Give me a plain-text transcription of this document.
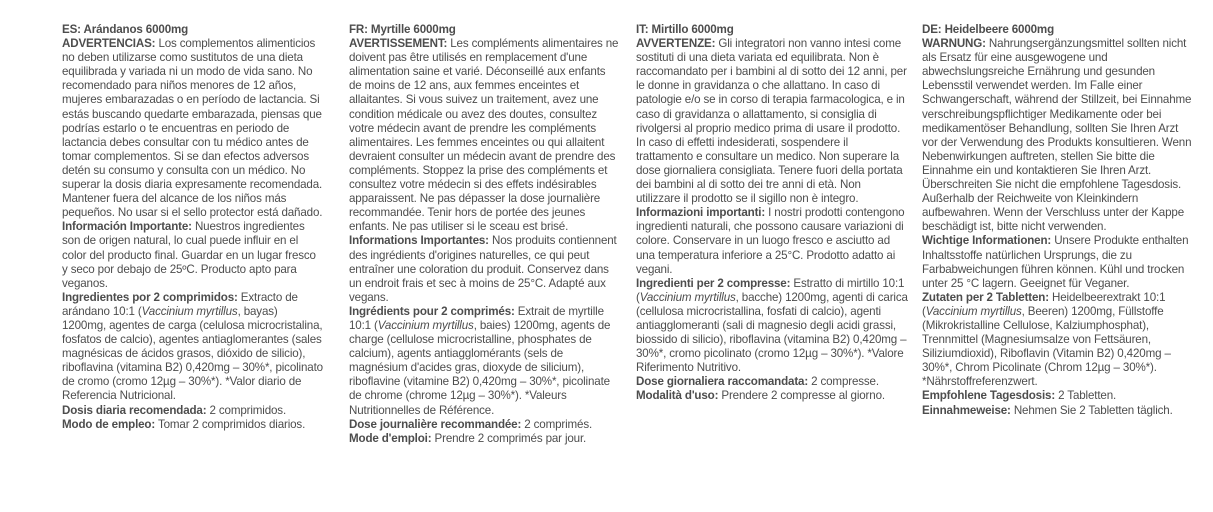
ES: Arándanos 6000mg

ADVERTENCIAS: Los complementos alimenticios no deben utilizarse como sustitutos de una dieta equilibrada y variada ni un modo de vida sano. No recomendado para niños menores de 12 años, mujeres embarazadas o en período de lactancia. Si estás buscando quedarte embarazada, piensas que podrías estarlo o te encuentras en periodo de lactancia debes consultar con tu médico antes de tomar complementos. Si se dan efectos adversos detén su consumo y consulta con un médico. No superar la dosis diaria expresamente recomendada. Mantener fuera del alcance de los niños más pequeños. No usar si el sello protector está dañado.

Información Importante: Nuestros ingredientes son de origen natural, lo cual puede influir en el color del producto final. Guardar en un lugar fresco y seco por debajo de 25ºC. Producto apto para veganos.

Ingredientes por 2 comprimidos: Extracto de arándano 10:1 (Vaccinium myrtillus, bayas) 1200mg, agentes de carga (celulosa microcristalina, fosfatos de calcio), agentes antiaglomerantes (sales magnésicas de ácidos grasos, dióxido de silicio), riboflavina (vitamina B2) 0,420mg – 30%*, picolinato de cromo (cromo 12µg – 30%*). *Valor diario de Referencia Nutricional.

Dosis diaria recomendada: 2 comprimidos.

Modo de empleo: Tomar 2 comprimidos diarios.

FR: Myrtille 6000mg

AVERTISSEMENT: Les compléments alimentaires ne doivent pas être utilisés en remplacement d'une alimentation saine et varié. Déconseillé aux enfants de moins de 12 ans, aux femmes enceintes et allaitantes. Si vous suivez un traitement, avez une condition médicale ou avez des doutes, consultez votre médecin avant de prendre les compléments alimentaires. Les femmes enceintes ou qui allaitent devraient consulter un médecin avant de prendre des compléments. Stoppez la prise des compléments et consultez votre médecin si des effets indésirables apparaissent. Ne pas dépasser la dose journalière recommandée. Tenir hors de portée des jeunes enfants. Ne pas utiliser si le sceau est brisé.

Informations Importantes: Nos produits contiennent des ingrédients d'origines naturelles, ce qui peut entraîner une coloration du produit. Conservez dans un endroit frais et sec à moins de 25°C. Adapté aux vegans.

Ingrédients pour 2 comprimés: Extrait de myrtille 10:1 (Vaccinium myrtillus, baies) 1200mg, agents de charge (cellulose microcristalline, phosphates de calcium), agents antiagglomérants (sels de magnésium d'acides gras, dioxyde de silicium), riboflavine (vitamine B2) 0,420mg – 30%*, picolinate de chrome (chrome 12µg – 30%*). *Valeurs Nutritionnelles de Référence.

Dose journalière recommandée: 2 comprimés.

Mode d'emploi: Prendre 2 comprimés par jour.

IT: Mirtillo 6000mg

AVVERTENZE: Gli integratori non vanno intesi come sostituti di una dieta variata ed equilibrata. Non è raccomandato per i bambini al di sotto dei 12 anni, per le donne in gravidanza o che allattano. In caso di patologie e/o se in corso di terapia farmacologica, e in caso di gravidanza o allattamento, si consiglia di rivolgersi al proprio medico prima di usare il prodotto. In caso di effetti indesiderati, sospendere il trattamento e consultare un medico. Non superare la dose giornaliera consigliata. Tenere fuori della portata dei bambini al di sotto dei tre anni di età. Non utilizzare il prodotto se il sigillo non è integro.

Informazioni importanti: I nostri prodotti contengono ingredienti naturali, che possono causare variazioni di colore. Conservare in un luogo fresco e asciutto ad una temperatura inferiore a 25°C. Prodotto adatto ai vegani.

Ingredienti per 2 compresse: Estratto di mirtillo 10:1 (Vaccinium myrtillus, bacche) 1200mg, agenti di carica (cellulosa microcristallina, fosfati di calcio), agenti antiagglomeranti (sali di magnesio degli acidi grassi, biossido di silicio), riboflavina (vitamina B2) 0,420mg – 30%*, cromo picolinato (cromo 12µg – 30%*). *Valore Riferimento Nutritivo.

Dose giornaliera raccomandata: 2 compresse.

Modalità d'uso: Prendere 2 compresse al giorno.

DE: Heidelbeere 6000mg

WARNUNG: Nahrungsergänzungsmittel sollten nicht als Ersatz für eine ausgewogene und abwechslungsreiche Ernährung und gesunden Lebensstil verwendet werden. Im Falle einer Schwangerschaft, während der Stillzeit, bei Einnahme verschreibungspflichtiger Medikamente oder bei medikamentöser Behandlung, sollten Sie Ihren Arzt vor der Verwendung des Produkts konsultieren. Wenn Nebenwirkungen auftreten, stellen Sie bitte die Einnahme ein und kontaktieren Sie Ihren Arzt. Überschreiten Sie nicht die empfohlene Tagesdosis. Außerhalb der Reichweite von Kleinkindern aufbewahren. Wenn der Verschluss unter der Kappe beschädigt ist, bitte nicht verwenden.

Wichtige Informationen: Unsere Produkte enthalten Inhaltsstoffe natürlichen Ursprungs, die zu Farbabweichungen führen können. Kühl und trocken unter 25 °C lagern. Geeignet für Veganer.

Zutaten per 2 Tabletten: Heidelbeerextrakt 10:1 (Vaccinium myrtillus, Beeren) 1200mg, Füllstoffe (Mikrokristalline Cellulose, Kalziumphosphat), Trennmittel (Magnesiumsalze von Fettsäuren, Siliziumdioxid), Riboflavin (Vitamin B2) 0,420mg – 30%*, Chrom Picolinate (Chrom 12µg – 30%*). *Nährstoffreferenzwert.

Empfohlene Tagesdosis: 2 Tabletten.

Einnahmeweise: Nehmen Sie 2 Tabletten täglich.
